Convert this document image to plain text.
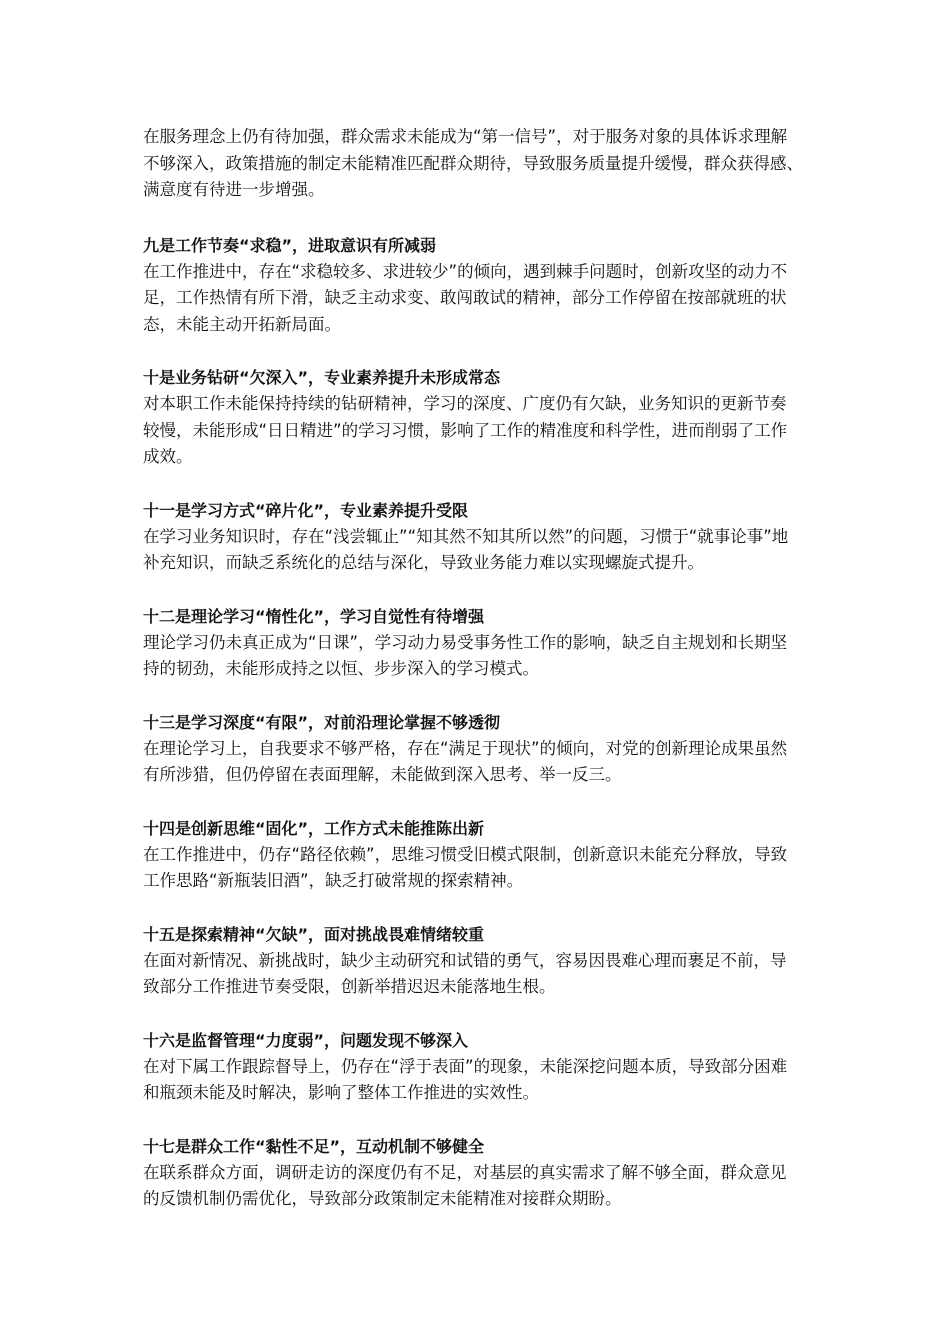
在服务理念上仍有待加强，群众需求未能成为“第一信号”，对于服务对象的具体诉求理解

不够深入，政策措施的制定未能精准匹配群众期待，导致服务质量提升缓慢，群众获得感、

满意度有待进一步增强。

九是工作节奏“求稳”，进取意识有所减弱

在工作推进中，存在“求稳较多、求进较少”的倾向，遇到棘手问题时，创新攻坚的动力不

足，工作热情有所下滑，缺乏主动求变、敢闯敢试的精神，部分工作停留在按部就班的状

态，未能主动开拓新局面。

十是业务钻研“欠深入”，专业素养提升未形成常态

对本职工作未能保持持续的钻研精神，学习的深度、广度仍有欠缺，业务知识的更新节奏

较慢，未能形成“日日精进”的学习习惯，影响了工作的精准度和科学性，进而削弱了工作

成效。

十一是学习方式“碎片化”，专业素养提升受限

在学习业务知识时，存在“浅尝辄止”“知其然不知其所以然”的问题，习惯于“就事论事”地

补充知识，而缺乏系统化的总结与深化，导致业务能力难以实现螺旋式提升。

十二是理论学习“惰性化”，学习自觉性有待增强

理论学习仍未真正成为“日课”，学习动力易受事务性工作的影响，缺乏自主规划和长期坚

持的韧劲，未能形成持之以恒、步步深入的学习模式。

十三是学习深度“有限”，对前沿理论掌握不够透彻

在理论学习上，自我要求不够严格，存在“满足于现状”的倾向，对党的创新理论成果虽然

有所涉猎，但仍停留在表面理解，未能做到深入思考、举一反三。

十四是创新思维“固化”，工作方式未能推陈出新

在工作推进中，仍存“路径依赖”，思维习惯受旧模式限制，创新意识未能充分释放，导致

工作思路“新瓶装旧酒”，缺乏打破常规的探索精神。

十五是探索精神“欠缺”，面对挑战畏难情绪较重

在面对新情况、新挑战时，缺少主动研究和试错的勇气，容易因畏难心理而裹足不前，导

致部分工作推进节奏受限，创新举措迟迟未能落地生根。

十六是监督管理“力度弱”，问题发现不够深入

在对下属工作跟踪督导上，仍存在“浮于表面”的现象，未能深挖问题本质，导致部分困难

和瓶颈未能及时解决，影响了整体工作推进的实效性。

十七是群众工作“黏性不足”，互动机制不够健全

在联系群众方面，调研走访的深度仍有不足，对基层的真实需求了解不够全面，群众意见

的反馈机制仍需优化，导致部分政策制定未能精准对接群众期盼。
